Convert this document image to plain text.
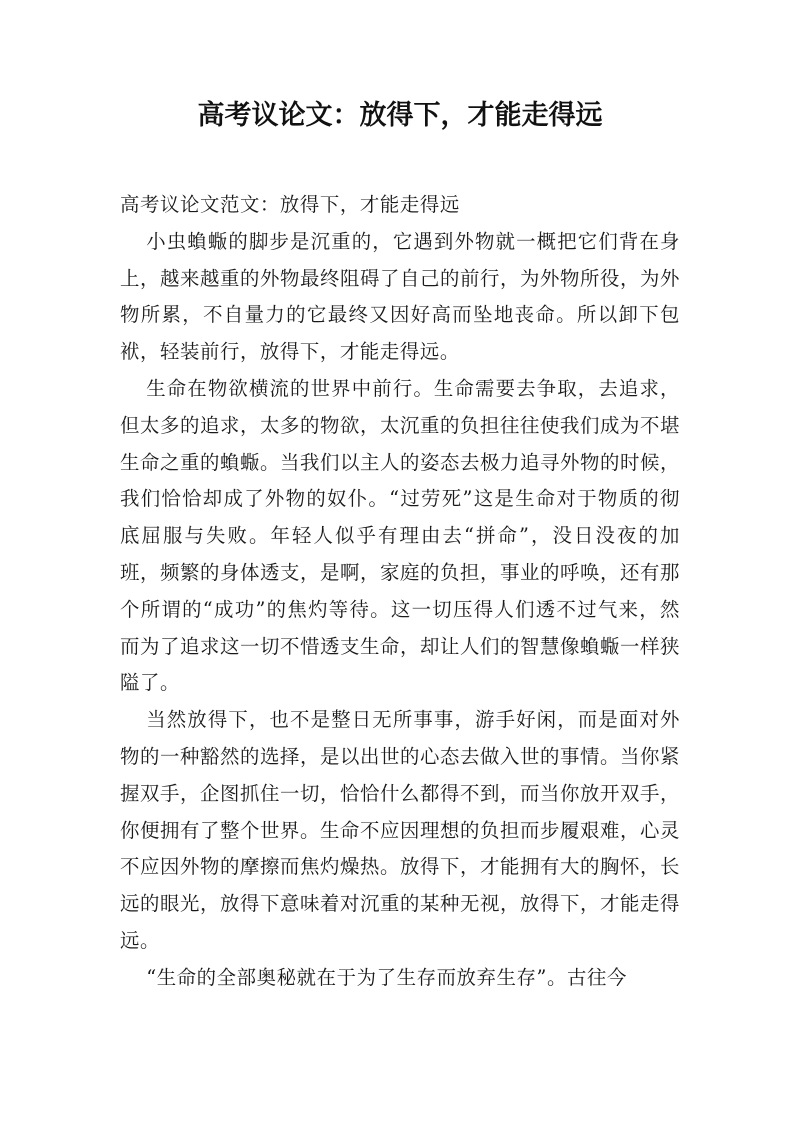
高考议论文：放得下，才能走得远

高考议论文范文：放得下，才能走得远

小虫蝜蝂的脚步是沉重的，它遇到外物就一概把它们背在身上，越来越重的外物最终阻碍了自己的前行，为外物所役，为外物所累，不自量力的它最终又因好高而坠地丧命。所以卸下包袱，轻装前行，放得下，才能走得远。

生命在物欲横流的世界中前行。生命需要去争取，去追求，但太多的追求，太多的物欲，太沉重的负担往往使我们成为不堪生命之重的蝜蝂。当我们以主人的姿态去极力追寻外物的时候，我们恰恰却成了外物的奴仆。“过劳死”这是生命对于物质的彻底屈服与失败。年轻人似乎有理由去“拼命”，没日没夜的加班，频繁的身体透支，是啊，家庭的负担，事业的呼唤，还有那个所谓的“成功”的焦灼等待。这一切压得人们透不过气来，然而为了追求这一切不惜透支生命，却让人们的智慧像蝜蝂一样狭隘了。

当然放得下，也不是整日无所事事，游手好闲，而是面对外物的一种豁然的选择，是以出世的心态去做入世的事情。当你紧握双手，企图抓住一切，恰恰什么都得不到，而当你放开双手，你便拥有了整个世界。生命不应因理想的负担而步履艰难，心灵不应因外物的摩擦而焦灼燥热。放得下，才能拥有大的胸怀，长远的眼光，放得下意味着对沉重的某种无视，放得下，才能走得远。

“生命的全部奥秘就在于为了生存而放弃生存”。古往今
